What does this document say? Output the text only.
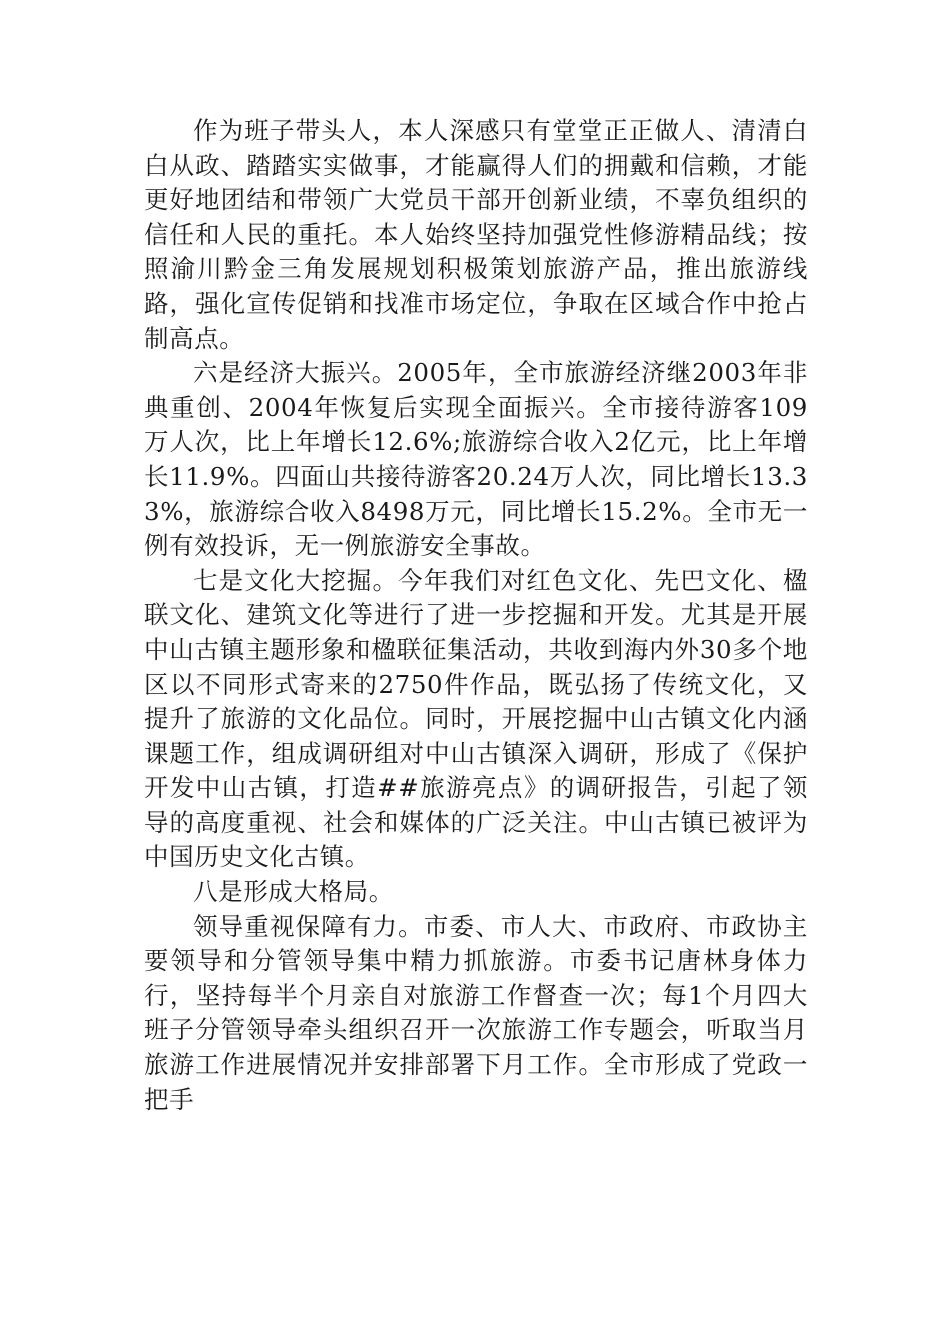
作为班子带头人，本人深感只有堂堂正正做人、清清白白从政、踏踏实实做事，才能赢得人们的拥戴和信赖，才能更好地团结和带领广大党员干部开创新业绩，不辜负组织的信任和人民的重托。本人始终坚持加强党性修游精品线；按照渝川黔金三角发展规划积极策划旅游产品，推出旅游线路，强化宣传促销和找准市场定位，争取在区域合作中抢占制高点。

六是经济大振兴。2005年，全市旅游经济继2003年非典重创、2004年恢复后实现全面振兴。全市接待游客109万人次，比上年增长12.6%;旅游综合收入2亿元，比上年增长11.9%。四面山共接待游客20.24万人次，同比增长13.33%，旅游综合收入8498万元，同比增长15.2%。全市无一例有效投诉，无一例旅游安全事故。

七是文化大挖掘。今年我们对红色文化、先巴文化、楹联文化、建筑文化等进行了进一步挖掘和开发。尤其是开展中山古镇主题形象和楹联征集活动，共收到海内外30多个地区以不同形式寄来的2750件作品，既弘扬了传统文化，又提升了旅游的文化品位。同时，开展挖掘中山古镇文化内涵课题工作，组成调研组对中山古镇深入调研，形成了《保护开发中山古镇，打造##旅游亮点》的调研报告，引起了领导的高度重视、社会和媒体的广泛关注。中山古镇已被评为中国历史文化古镇。

八是形成大格局。

领导重视保障有力。市委、市人大、市政府、市政协主要领导和分管领导集中精力抓旅游。市委书记唐林身体力行，坚持每半个月亲自对旅游工作督查一次；每1个月四大班子分管领导牵头组织召开一次旅游工作专题会，听取当月旅游工作进展情况并安排部署下月工作。全市形成了党政一把手
